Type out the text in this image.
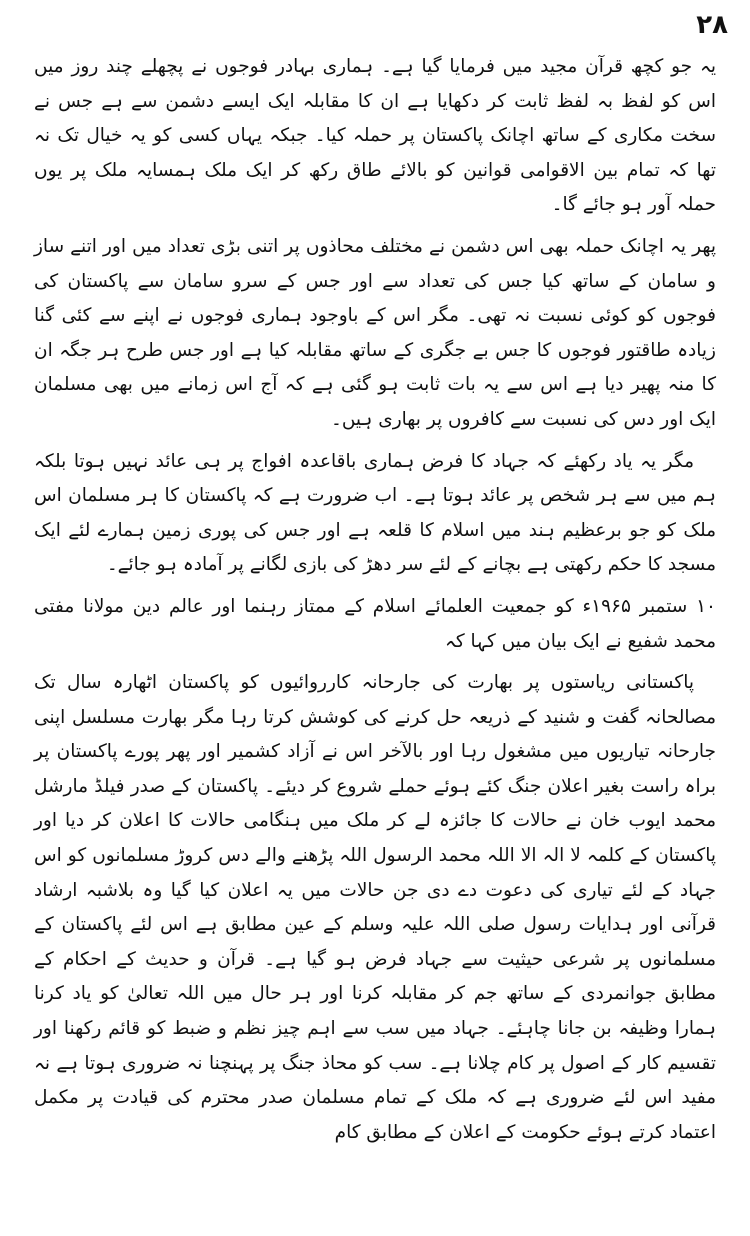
۲۸

یہ جو کچھ قرآن مجید میں فرمایا گیا ہے۔ ہماری بہادر فوجوں نے پچھلے چند روز میں اس کو لفظ بہ لفظ ثابت کر دکھایا ہے ان کا مقابلہ ایک ایسے دشمن سے ہے جس نے سخت مکاری کے ساتھ اچانک پاکستان پر حملہ کیا۔ جبکہ یہاں کسی کو یہ خیال تک نہ تھا کہ تمام بین الاقوامی قوانین کو بالائے طاق رکھ کر ایک ملک ہمسایہ ملک پر یوں حملہ آور ہو جائے گا۔

پھر یہ اچانک حملہ بھی اس دشمن نے مختلف محاذوں پر اتنی بڑی تعداد میں اور اتنے ساز و سامان کے ساتھ کیا جس کی تعداد سے اور جس کے سرو سامان سے پاکستان کی فوجوں کو کوئی نسبت نہ تھی۔ مگر اس کے باوجود ہماری فوجوں نے اپنے سے کئی گنا زیادہ طاقتور فوجوں کا جس بے جگری کے ساتھ مقابلہ کیا ہے اور جس طرح ہر جگہ ان کا منہ پھیر دیا ہے اس سے یہ بات ثابت ہو گئی ہے کہ آج اس زمانے میں بھی مسلمان ایک اور دس کی نسبت سے کافروں پر بھاری ہیں۔

مگر یہ یاد رکھئے کہ جہاد کا فرض ہماری باقاعدہ افواج پر ہی عائد نہیں ہوتا بلکہ ہم میں سے ہر شخص پر عائد ہوتا ہے۔ اب ضرورت ہے کہ پاکستان کا ہر مسلمان اس ملک کو جو برعظیم ہند میں اسلام کا قلعہ ہے اور جس کی پوری زمین ہمارے لئے ایک مسجد کا حکم رکھتی ہے بچانے کے لئے سر دھڑ کی بازی لگانے پر آمادہ ہو جائے۔

۱۰ ستمبر ۱۹۶۵ء کو جمعیت العلمائے اسلام کے ممتاز رہنما اور عالم دین مولانا مفتی محمد شفیع نے ایک بیان میں کہا کہ

پاکستانی ریاستوں پر بھارت کی جارحانہ کارروائیوں کو پاکستان اٹھارہ سال تک مصالحانہ گفت و شنید کے ذریعہ حل کرنے کی کوشش کرتا رہا مگر بھارت مسلسل اپنی جارحانہ تیاریوں میں مشغول رہا اور بالآخر اس نے آزاد کشمیر اور پھر پورے پاکستان پر براہ راست بغیر اعلان جنگ کئے ہوئے حملے شروع کر دیئے۔ پاکستان کے صدر فیلڈ مارشل محمد ایوب خان نے حالات کا جائزہ لے کر ملک میں ہنگامی حالات کا اعلان کر دیا اور پاکستان کے کلمہ لا الہ الا اللہ محمد الرسول اللہ پڑھنے والے دس کروڑ مسلمانوں کو اس جہاد کے لئے تیاری کی دعوت دے دی جن حالات میں یہ اعلان کیا گیا وہ بلاشبہ ارشاد قرآنی اور ہدایات رسول صلی اللہ علیہ وسلم کے عین مطابق ہے اس لئے پاکستان کے مسلمانوں پر شرعی حیثیت سے جہاد فرض ہو گیا ہے۔ قرآن و حدیث کے احکام کے مطابق جوانمردی کے ساتھ جم کر مقابلہ کرنا اور ہر حال میں اللہ تعالیٰ کو یاد کرنا ہمارا وظیفہ بن جانا چاہئے۔ جہاد میں سب سے اہم چیز نظم و ضبط کو قائم رکھنا اور تقسیم کار کے اصول پر کام چلانا ہے۔ سب کو محاذ جنگ پر پہنچنا نہ ضروری ہوتا ہے نہ مفید اس لئے ضروری ہے کہ ملک کے تمام مسلمان صدر محترم کی قیادت پر مکمل اعتماد کرتے ہوئے حکومت کے اعلان کے مطابق کام
